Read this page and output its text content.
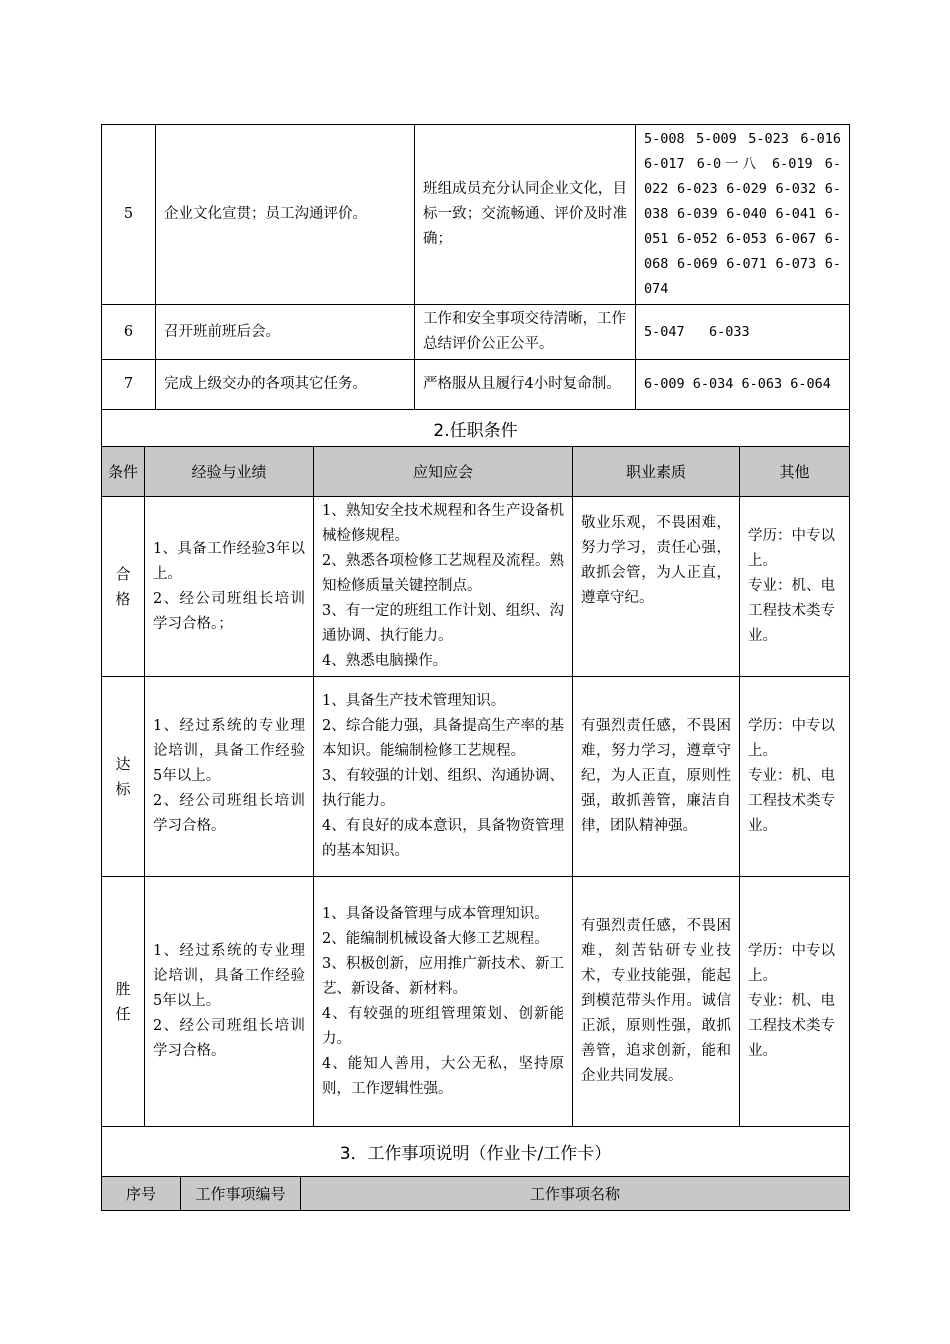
5	企业文化宣贯；员工沟通评价。	班组成员充分认同企业文化，目标一致；交流畅通、评价及时准确；	5-008 5-009 5-023 6-016 6-017 6-0一八 6-019 6-022 6-023 6-029 6-032 6-038 6-039 6-040 6-041 6-051 6-052 6-053 6-067 6-068 6-069 6-071 6-073 6-074
6	召开班前班后会。	工作和安全事项交待清晰，工作总结评价公正公平。	5-047   6-033
7	完成上级交办的各项其它任务。	严格服从且履行4小时复命制。	6-009 6-034 6-063 6-064
2.任职条件				
条件	经验与业绩	应知应会	职业素质	其他
合格	1、具备工作经验3年以上。
2、经公司班组长培训学习合格。；	1、熟知安全技术规程和各生产设备机械检修规程。
2、熟悉各项检修工艺规程及流程。熟知检修质量关键控制点。
3、有一定的班组工作计划、组织、沟通协调、执行能力。
4、熟悉电脑操作。	敬业乐观，不畏困难，努力学习，责任心强，敢抓会管，为人正直，遵章守纪。	学历：中专以上。
专业：机、电工程技术类专业。
达标	1、经过系统的专业理论培训，具备工作经验5年以上。
2、经公司班组长培训学习合格。	1、具备生产技术管理知识。
2、综合能力强，具备提高生产率的基本知识。能编制检修工艺规程。
3、有较强的计划、组织、沟通协调、执行能力。
4、有良好的成本意识，具备物资管理的基本知识。	有强烈责任感，不畏困难，努力学习，遵章守纪，为人正直，原则性强，敢抓善管，廉洁自律，团队精神强。	学历：中专以上。
专业：机、电工程技术类专业。
胜任	1、经过系统的专业理论培训，具备工作经验5年以上。
2、经公司班组长培训学习合格。	1、具备设备管理与成本管理知识。
2、能编制机械设备大修工艺规程。
3、积极创新，应用推广新技术、新工艺、新设备、新材料。
4、有较强的班组管理策划、创新能力。
4、能知人善用，大公无私，坚持原则，工作逻辑性强。	有强烈责任感，不畏困难，刻苦钻研专业技术，专业技能强，能起到模范带头作用。诚信正派，原则性强，敢抓善管，追求创新，能和企业共同发展。	学历：中专以上。
专业：机、电工程技术类专业。
3．工作事项说明（作业卡/工作卡）
序号	工作事项编号	工作事项名称
